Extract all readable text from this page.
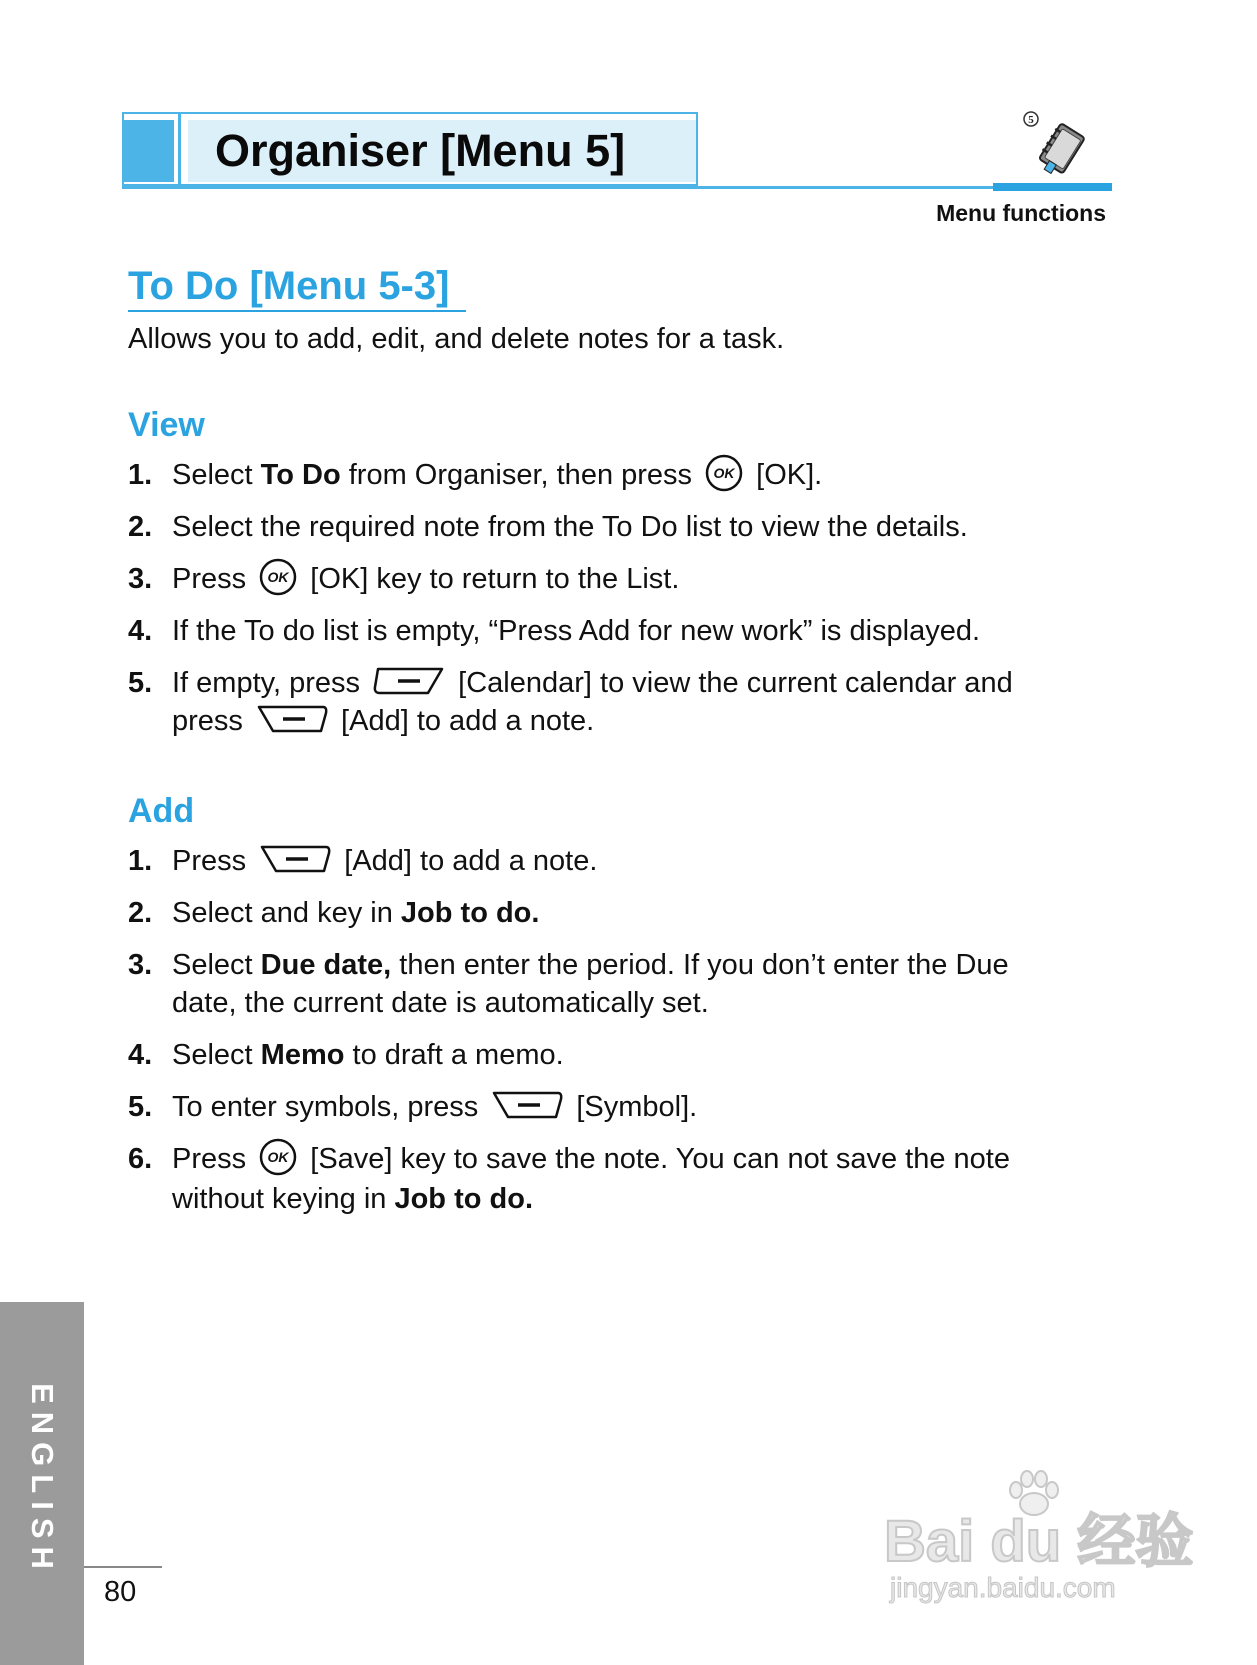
Organiser [Menu 5]
5
Menu functions
To Do [Menu 5-3]
Allows you to add, edit, and delete notes for a task.
View
1. Select To Do from Organiser, then press OK [OK].
2. Select the required note from the To Do list to view the details.
3. Press OK [OK] key to return to the List.
4. If the To do list is empty, “Press Add for new work” is displayed.
5. If empty, press	[Calendar] to view the current calendar and
press	[Add] to add a note.
Add
1. Press	[Add] to add a note.
2. Select and key in Job to do.
3. Select Due date, then enter the period. If you don’t enter the Due
date, the current date is automatically set.
4. Select Memo to draft a memo.
5. To enter symbols, press	[Symbol].
6. Press OK [Save] key to save the note. You can not save the note
without keying in Job to do.
ENGLISH
80
Bai du 经验
jingyan.baidu.com
